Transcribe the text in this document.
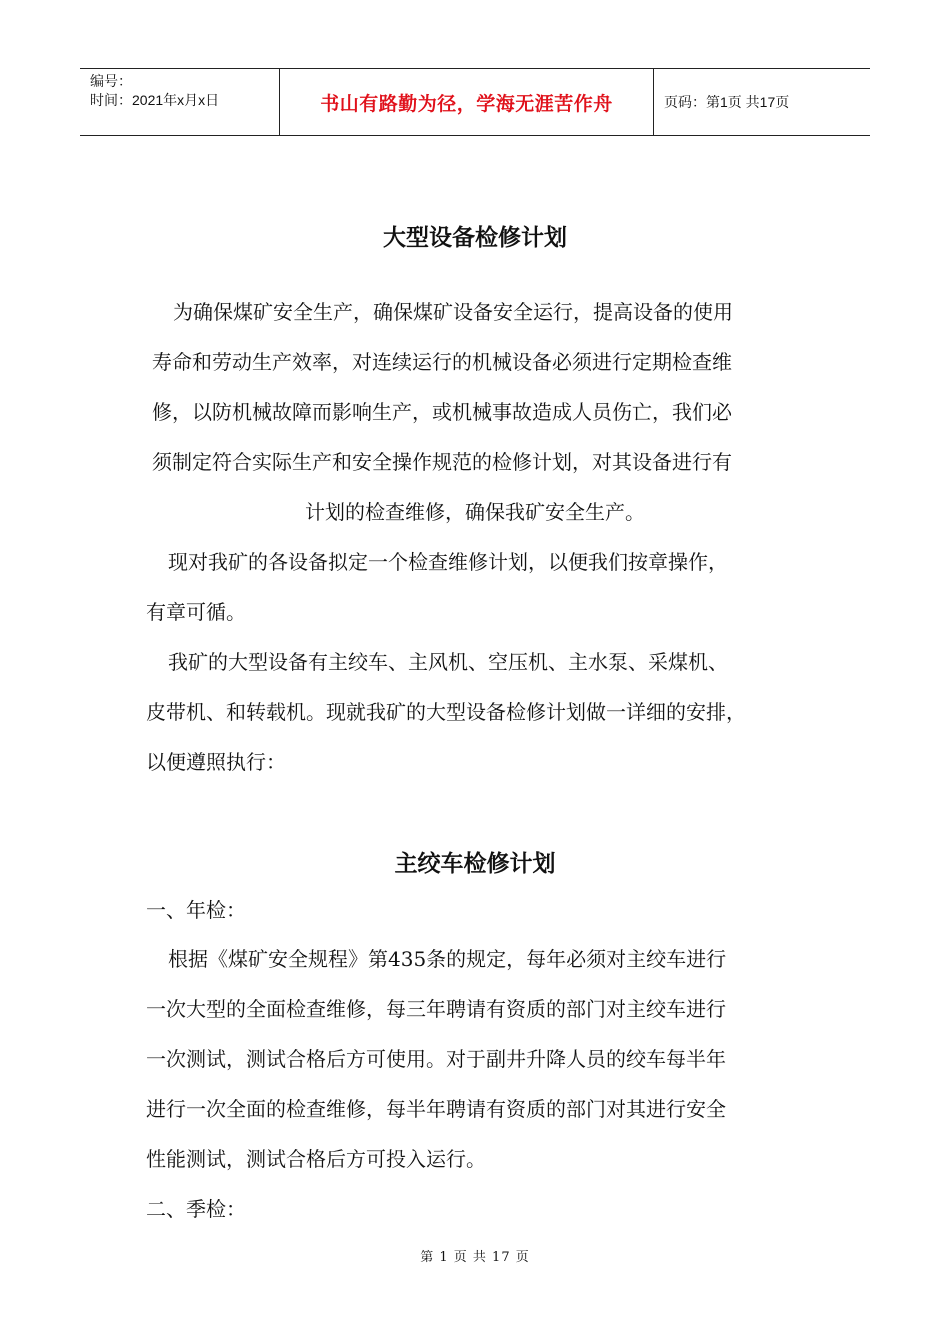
编号：
时间：2021年x月x日	书山有路勤为径，学海无涯苦作舟	页码：第1页 共17页
大型设备检修计划

为确保煤矿安全生产，确保煤矿设备安全运行，提高设备的使用

寿命和劳动生产效率，对连续运行的机械设备必须进行定期检查维

修，以防机械故障而影响生产，或机械事故造成人员伤亡，我们必

须制定符合实际生产和安全操作规范的检修计划，对其设备进行有

计划的检查维修，确保我矿安全生产。

现对我矿的各设备拟定一个检查维修计划，以便我们按章操作，

有章可循。

我矿的大型设备有主绞车、主风机、空压机、主水泵、采煤机、

皮带机、和转载机。现就我矿的大型设备检修计划做一详细的安排，

以便遵照执行：

主绞车检修计划

一、年检：

根据《煤矿安全规程》第435条的规定，每年必须对主绞车进行

一次大型的全面检查维修，每三年聘请有资质的部门对主绞车进行

一次测试，测试合格后方可使用。对于副井升降人员的绞车每半年

进行一次全面的检查维修，每半年聘请有资质的部门对其进行安全

性能测试，测试合格后方可投入运行。

二、季检：

第 1 页 共 17 页
